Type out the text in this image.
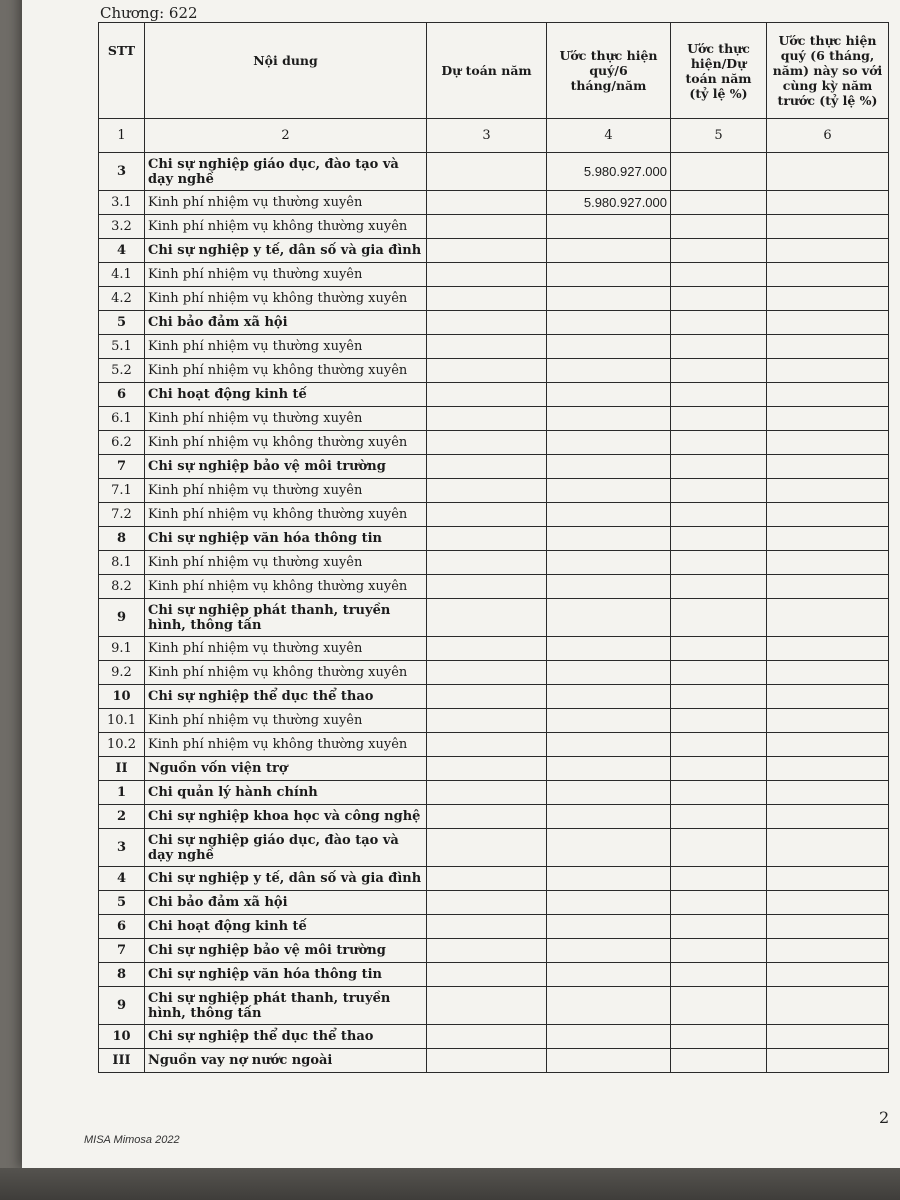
Chương: 622
STT	Nội dung	Dự toán năm	Ước thực hiện quý/6 tháng/năm	Ước thực hiện/Dự toán năm (tỷ lệ %)	Ước thực hiện quý (6 tháng, năm) này so với cùng kỳ năm trước (tỷ lệ %)
1	2	3	4	5	6
3	Chi sự nghiệp giáo dục, đào tạo và dạy nghề		5.980.927.000		
3.1	Kinh phí nhiệm vụ thường xuyên		5.980.927.000		
3.2	Kinh phí nhiệm vụ không thường xuyên				
4	Chi sự nghiệp y tế, dân số và gia đình				
4.1	Kinh phí nhiệm vụ thường xuyên				
4.2	Kinh phí nhiệm vụ không thường xuyên				
5	Chi bảo đảm xã hội				
5.1	Kinh phí nhiệm vụ thường xuyên				
5.2	Kinh phí nhiệm vụ không thường xuyên				
6	Chi hoạt động kinh tế				
6.1	Kinh phí nhiệm vụ thường xuyên				
6.2	Kinh phí nhiệm vụ không thường xuyên				
7	Chi sự nghiệp bảo vệ môi trường				
7.1	Kinh phí nhiệm vụ thường xuyên				
7.2	Kinh phí nhiệm vụ không thường xuyên				
8	Chi sự nghiệp văn hóa thông tin				
8.1	Kinh phí nhiệm vụ thường xuyên				
8.2	Kinh phí nhiệm vụ không thường xuyên				
9	Chi sự nghiệp phát thanh, truyền hình, thông tấn				
9.1	Kinh phí nhiệm vụ thường xuyên				
9.2	Kinh phí nhiệm vụ không thường xuyên				
10	Chi sự nghiệp thể dục thể thao				
10.1	Kinh phí nhiệm vụ thường xuyên				
10.2	Kinh phí nhiệm vụ không thường xuyên				
II	Nguồn vốn viện trợ				
1	Chi quản lý hành chính				
2	Chi sự nghiệp khoa học và công nghệ				
3	Chi sự nghiệp giáo dục, đào tạo và dạy nghề				
4	Chi sự nghiệp y tế, dân số và gia đình				
5	Chi bảo đảm xã hội				
6	Chi hoạt động kinh tế				
7	Chi sự nghiệp bảo vệ môi trường				
8	Chi sự nghiệp văn hóa thông tin				
9	Chi sự nghiệp phát thanh, truyền hình, thông tấn				
10	Chi sự nghiệp thể dục thể thao				
III	Nguồn vay nợ nước ngoài				
MISA Mimosa 2022
2
